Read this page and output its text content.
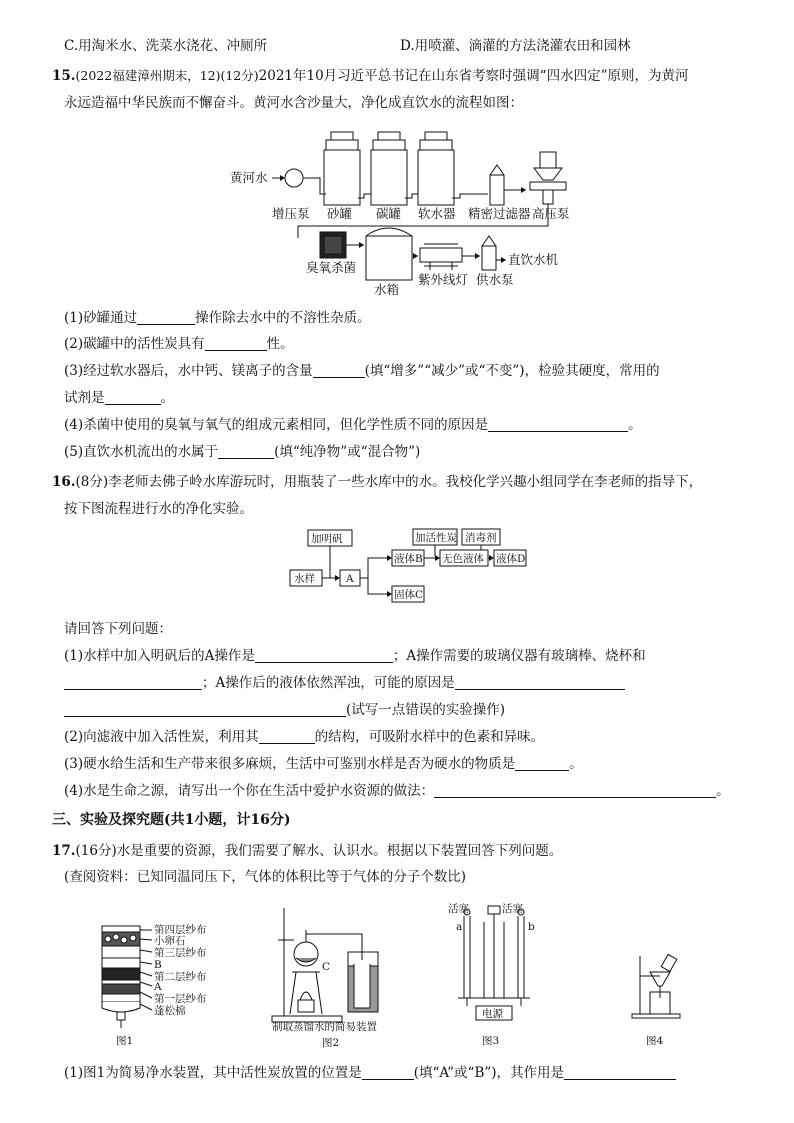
C.用淘米水、洗菜水浇花、冲厕所	D.用喷灌、滴灌的方法浇灌农田和园林
15.(2022福建漳州期末，12)(12分)2021年10月习近平总书记在山东省考察时强调“四水四定”原则，为黄河
永远造福中华民族而不懈奋斗。黄河水含沙量大，净化成直饮水的流程如图：
黄河水
增压泵 砂罐 碳罐 软水器 精密过滤器 高压泵
臭氧杀菌
水箱
紫外线灯 供水泵
直饮水机
(1)砂罐通过	操作除去水中的不溶性杂质。
(2)碳罐中的活性炭具有	性。
(3)经过软水器后，水中钙、镁离子的含量	(填“增多”“减少”或“不变”)，检验其硬度，常用的
试剂是	。
(4)杀菌中使用的臭氧与氧气的组成元素相同，但化学性质不同的原因是	。
(5)直饮水机流出的水属于	(填“纯净物”或“混合物”)
16.(8分)李老师去佛子岭水库游玩时，用瓶装了一些水库中的水。我校化学兴趣小组同学在李老师的指导下，
按下图流程进行水的净化实验。
加明矾
水样	A
液体B
固体C
加活性炭 消毒剂
无色液体 液体D
请回答下列问题：
(1)水样中加入明矾后的A操作是	；A操作需要的玻璃仪器有玻璃棒、烧杯和
；A操作后的液体依然浑浊，可能的原因是
(试写一点错误的实验操作)
(2)向滤液中加入活性炭，利用其	的结构，可吸附水样中的色素和异味。
(3)硬水给生活和生产带来很多麻烦，生活中可鉴别水样是否为硬水的物质是	。
(4)水是生命之源，请写出一个你在生活中爱护水资源的做法：	。
三、实验及探究题(共1小题，计16分)
17.(16分)水是重要的资源，我们需要了解水、认识水。根据以下装置回答下列问题。
(查阅资料：已知同温同压下，气体的体积比等于气体的分子个数比)
第四层纱布
小卵石
第三层纱布
B
第二层纱布
A
第一层纱布
蓬松棉
图1
C
制取蒸馏水的简易装置
图2
活塞	活塞
a	b
电源
图3	图4
(1)图1为简易净水装置，其中活性炭放置的位置是	(填“A”或“B”)，其作用是
